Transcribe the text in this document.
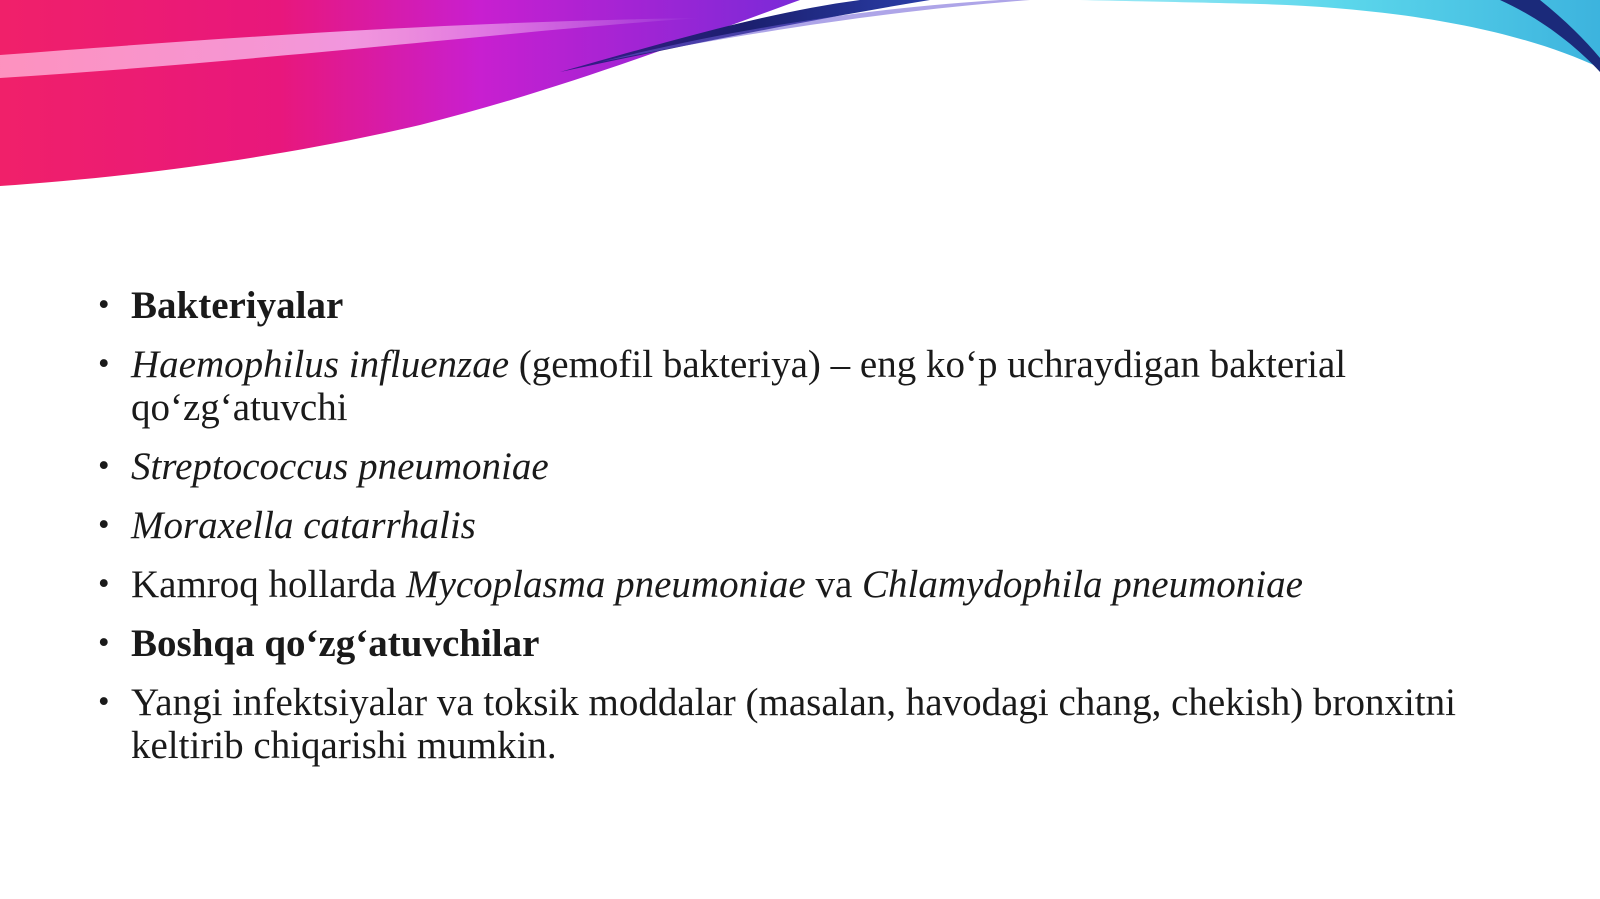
• Bakteriyalar
• Haemophilus influenzae (gemofil bakteriya) – eng ko‘p uchraydigan bakterial qo‘zg‘atuvchi
• Streptococcus pneumoniae
• Moraxella catarrhalis
• Kamroq hollarda Mycoplasma pneumoniae va Chlamydophila pneumoniae
• Boshqa qo‘zg‘atuvchilar
• Yangi infektsiyalar va toksik moddalar (masalan, havodagi chang, chekish) bronxitni keltirib chiqarishi mumkin.
